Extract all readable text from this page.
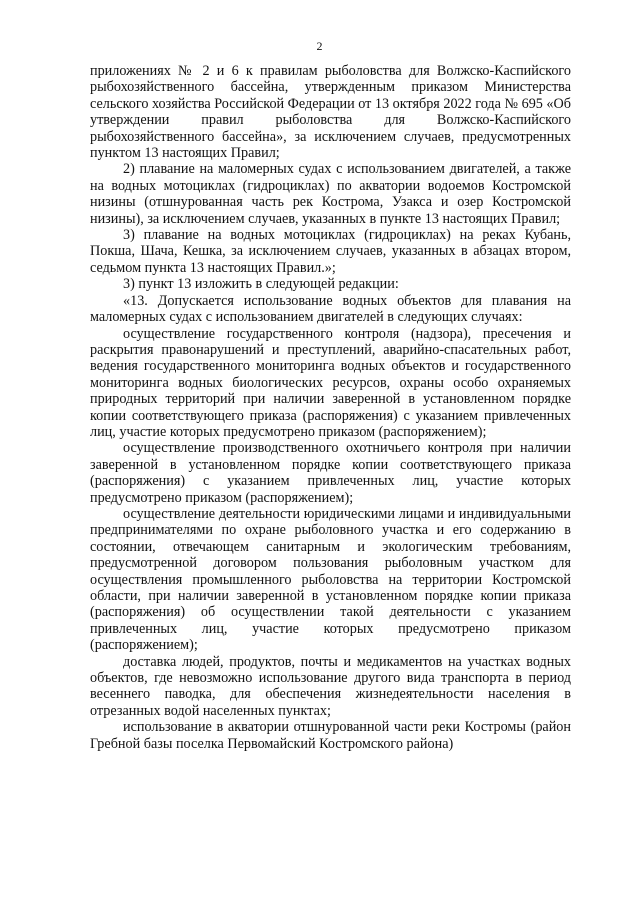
2

приложениях № 2 и 6 к правилам рыболовства для Волжско-Каспийского рыбохозяйственного бассейна, утвержденным приказом Министерства сельского хозяйства Российской Федерации от 13 октября 2022 года № 695 «Об утверждении правил рыболовства для Волжско-Каспийского рыбохозяйственного бассейна», за исключением случаев, предусмотренных пунктом 13 настоящих Правил;

2) плавание на маломерных судах с использованием двигателей, а также на водных мотоциклах (гидроциклах) по акватории водоемов Костромской низины (отшнурованная часть рек Кострома, Узакса и озер Костромской низины), за исключением случаев, указанных в пункте 13 настоящих Правил;

3) плавание на водных мотоциклах (гидроциклах) на реках Кубань, Покша, Шача, Кешка, за исключением случаев, указанных в абзацах втором, седьмом пункта 13 настоящих Правил.»;

3) пункт 13 изложить в следующей редакции:

«13. Допускается использование водных объектов для плавания на маломерных судах с использованием двигателей в следующих случаях:

осуществление государственного контроля (надзора), пресечения и раскрытия правонарушений и преступлений, аварийно-спасательных работ, ведения государственного мониторинга водных объектов и государственного мониторинга водных биологических ресурсов, охраны особо охраняемых природных территорий при наличии заверенной в установленном порядке копии соответствующего приказа (распоряжения) с указанием привлеченных лиц, участие которых предусмотрено приказом (распоряжением);

осуществление производственного охотничьего контроля при наличии заверенной в установленном порядке копии соответствующего приказа (распоряжения) с указанием привлеченных лиц, участие которых предусмотрено приказом (распоряжением);

осуществление деятельности юридическими лицами и индивидуальными предпринимателями по охране рыболовного участка и его содержанию в состоянии, отвечающем санитарным и экологическим требованиям, предусмотренной договором пользования рыболовным участком для осуществления промышленного рыболовства на территории Костромской области, при наличии заверенной в установленном порядке копии приказа (распоряжения) об осуществлении такой деятельности с указанием привлеченных лиц, участие которых предусмотрено приказом (распоряжением);

доставка людей, продуктов, почты и медикаментов на участках водных объектов, где невозможно использование другого вида транспорта в период весеннего паводка, для обеспечения жизнедеятельности населения в отрезанных водой населенных пунктах;

использование в акватории отшнурованной части реки Костромы (район Гребной базы поселка Первомайский Костромского района)
